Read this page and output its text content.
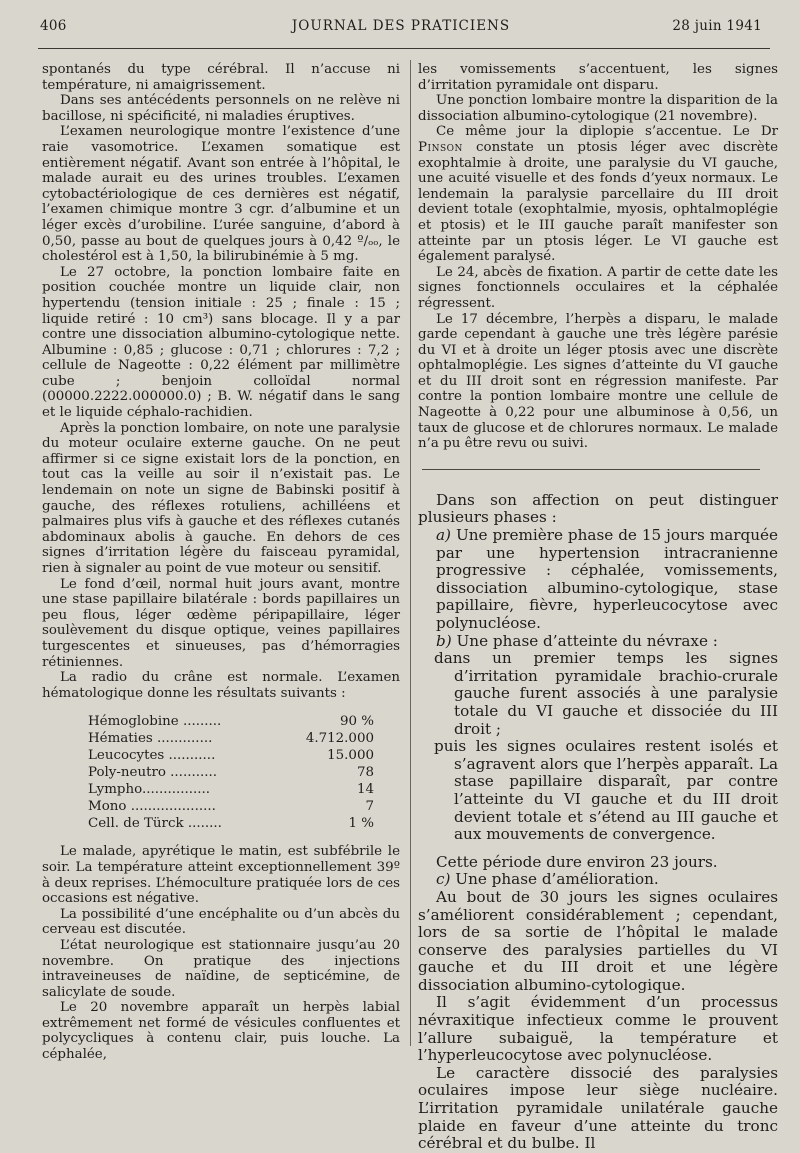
406	JOURNAL DES PRATICIENS	28 juin 1941

spontanés du type cérébral. Il n’accuse ni température, ni amaigrissement.

Dans ses antécédents personnels on ne relève ni bacillose, ni spécificité, ni maladies éruptives.

L’examen neurologique montre l’existence d’une raie vasomotrice. L’examen somatique est entièrement négatif. Avant son entrée à l’hôpital, le malade aurait eu des urines troubles. L’examen cytobactériologique de ces dernières est négatif, l’examen chimique montre 3 cgr. d’albumine et un léger excès d’urobiline. L’urée sanguine, d’abord à 0,50, passe au bout de quelques jours à 0,42 º/ₒₒ, le cholestérol est à 1,50, la bilirubinémie à 5 mg.

Le 27 octobre, la ponction lombaire faite en position couchée montre un liquide clair, non hypertendu (tension initiale : 25 ; finale : 15 ; liquide retiré : 10 cm³) sans blocage. Il y a par contre une dissociation albumino-cytologique nette. Albumine : 0,85 ; glucose : 0,71 ; chlorures : 7,2 ; cellule de Nageotte : 0,22 élément par millimètre cube ; benjoin colloïdal normal (00000.2222.000000.0) ; B. W. négatif dans le sang et le liquide céphalo-rachidien.

Après la ponction lombaire, on note une paralysie du moteur oculaire externe gauche. On ne peut affirmer si ce signe existait lors de la ponction, en tout cas la veille au soir il n’existait pas. Le lendemain on note un signe de Babinski positif à gauche, des réflexes rotuliens, achilléens et palmaires plus vifs à gauche et des réflexes cutanés abdominaux abolis à gauche. En dehors de ces signes d’irritation légère du faisceau pyramidal, rien à signaler au point de vue moteur ou sensitif.

Le fond d’œil, normal huit jours avant, montre une stase papillaire bilatérale : bords papillaires un peu flous, léger œdème péripapillaire, léger soulèvement du disque optique, veines papillaires turgescentes et sinueuses, pas d’hémorragies rétiniennes.

La radio du crâne est normale. L’examen hématologique donne les résultats suivants :

Hémoglobine .........	90 %
Hématies .............	4.712.000
Leucocytes ...........	15.000
Poly-neutro ...........	78
Lympho................	14
Mono ....................	7
Cell. de Türck ........	1 %

Le malade, apyrétique le matin, est subfébrile le soir. La température atteint exceptionnellement 39º à deux reprises. L’hémoculture pratiquée lors de ces occasions est négative.

La possibilité d’une encéphalite ou d’un abcès du cerveau est discutée.

L’état neurologique est stationnaire jusqu’au 20 novembre. On pratique des injections intraveineuses de naïdine, de septicémine, de salicylate de soude.

Le 20 novembre apparaît un herpès labial extrêmement net formé de vésicules confluentes et polycycliques à contenu clair, puis louche. La céphalée,

les vomissements s’accentuent, les signes d’irritation pyramidale ont disparu.

Une ponction lombaire montre la disparition de la dissociation albumino-cytologique (21 novembre).

Ce même jour la diplopie s’accentue. Le Dr Pinson constate un ptosis léger avec discrète exophtalmie à droite, une paralysie du VI gauche, une acuité visuelle et des fonds d’yeux normaux. Le lendemain la paralysie parcellaire du III droit devient totale (exophtalmie, myosis, ophtalmoplégie et ptosis) et le III gauche paraît manifester son atteinte par un ptosis léger. Le VI gauche est également paralysé.

Le 24, abcès de fixation. A partir de cette date les signes fonctionnels occulaires et la céphalée régressent.

Le 17 décembre, l’herpès a disparu, le malade garde cependant à gauche une très légère parésie du VI et à droite un léger ptosis avec une discrète ophtalmoplégie. Les signes d’atteinte du VI gauche et du III droit sont en régression manifeste. Par contre la pontion lombaire montre une cellule de Nageotte à 0,22 pour une albuminose à 0,56, un taux de glucose et de chlorures normaux. Le malade n’a pu être revu ou suivi.

Dans son affection on peut distinguer plusieurs phases :

a) Une première phase de 15 jours marquée par une hypertension intracranienne progressive : céphalée, vomissements, dissociation albumino-cytologique, stase papillaire, fièvre, hyperleucocytose avec polynucléose.

b) Une phase d’atteinte du névraxe :

dans un premier temps les signes d’irritation pyramidale brachio-crurale gauche furent associés à une paralysie totale du VI gauche et dissociée du III droit ;

puis les signes oculaires restent isolés et s’agravent alors que l’herpès apparaît. La stase papillaire disparaît, par contre l’atteinte du VI gauche et du III droit devient totale et s’étend au III gauche et aux mouvements de convergence.

Cette période dure environ 23 jours.

c) Une phase d’amélioration.

Au bout de 30 jours les signes oculaires s’améliorent considérablement ; cependant, lors de sa sortie de l’hôpital le malade conserve des paralysies partielles du VI gauche et du III droit et une légère dissociation albumino-cytologique.

Il s’agit évidemment d’un processus névraxitique infectieux comme le prouvent l’allure subaiguë, la température et l’hyperleucocytose avec polynucléose.

Le caractère dissocié des paralysies oculaires impose leur siège nucléaire. L’irritation pyramidale unilatérale gauche plaide en faveur d’une atteinte du tronc cérébral et du bulbe. Il
